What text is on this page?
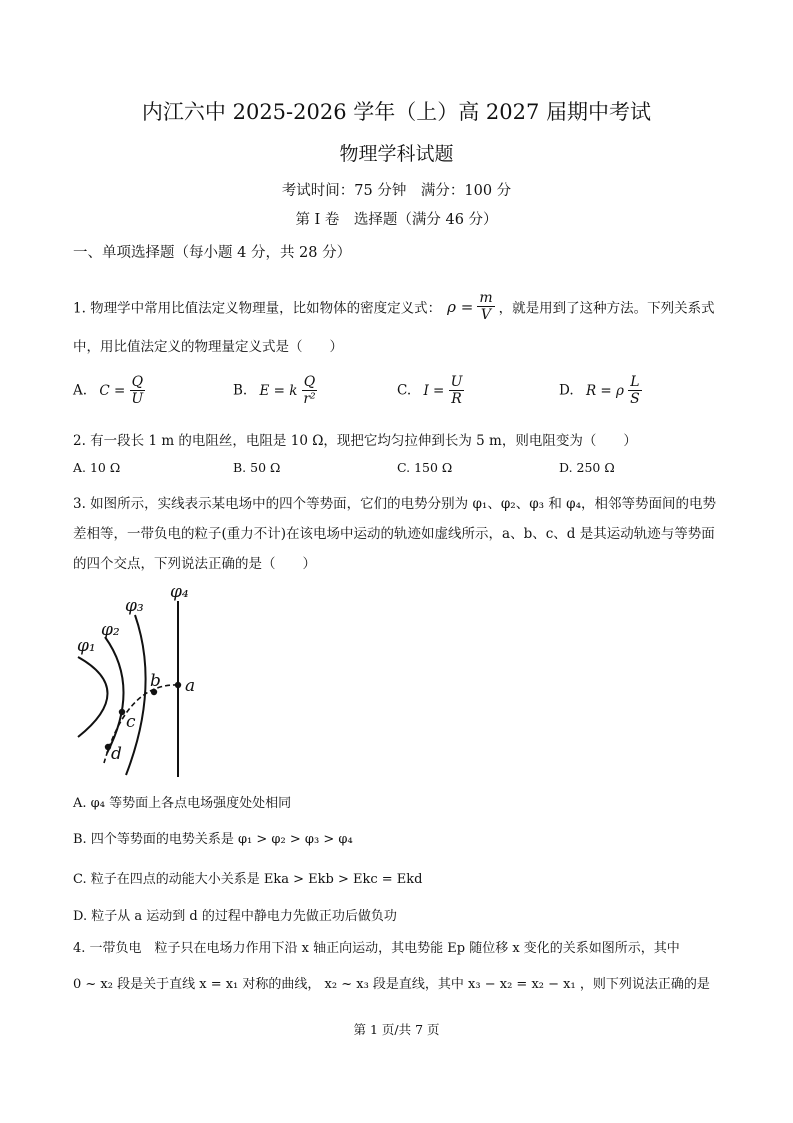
内江六中 2025-2026 学年（上）高 2027 届期中考试
物理学科试题
考试时间：75 分钟　满分：100 分
第 I 卷　选择题（满分 46 分）
一、单项选择题（每小题 4 分，共 28 分）
1. 物理学中常用比值法定义物理量，比如物体的密度定义式： $\rho = \frac{m}{V}$ ，就是用到了这种方法。下列关系式
中，用比值法定义的物理量定义式是（　　）
A. $C = \frac{Q}{U}$	B. E = k $\frac{Q}{\text{r²}}$	C. $I = \frac{U}{R}$	D. R = ρ $\frac{L}{S}$
2. 有一段长 1 m 的电阻丝，电阻是 10 Ω，现把它均匀拉伸到长为 5 m，则电阻变为（　　）
A. 10 Ω	B. 50 Ω	C. 150 Ω	D. 250 Ω
3. 如图所示，实线表示某电场中的四个等势面，它们的电势分别为 φ₁、φ₂、φ₃ 和 φ₄，相邻等势面间的电势
差相等，一带负电的粒子(重力不计)在该电场中运动的轨迹如虚线所示，a、b、c、d 是其运动轨迹与等势面
的四个交点，下列说法正确的是（　　）
φ₁
φ₂
φ₃
φ₄
a
b
c
d
A. φ₄ 等势面上各点电场强度处处相同
B. 四个等势面的电势关系是 φ₁ > φ₂ > φ₃ > φ₄
C. 粒子在四点的动能大小关系是 Eka > Ekb > Ekc = Ekd
D. 粒子从 a 运动到 d 的过程中静电力先做正功后做负功
4. 一带负电　粒子只在电场力作用下沿 x 轴正向运动，其电势能 Ep 随位移 x 变化的关系如图所示，其中
0 ~ x₂ 段是关于直线 x = x₁ 对称的曲线， x₂ ~ x₃ 段是直线，其中 x₃ − x₂ = x₂ − x₁ ，则下列说法正确的是
第 1 页/共 7 页
